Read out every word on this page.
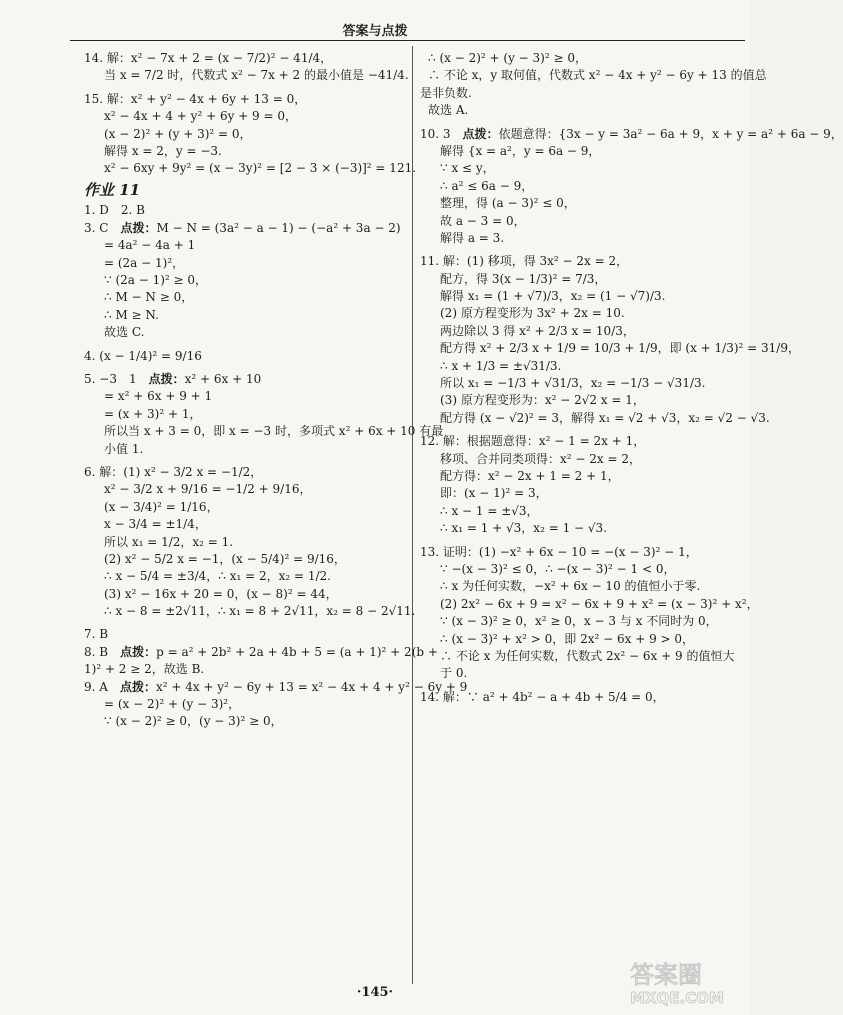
答案与点拨

14. 解：x² − 7x + 2 = (x − 7/2)² − 41/4，

当 x = 7/2 时，代数式 x² − 7x + 2 的最小值是 −41/4.

15. 解：x² + y² − 4x + 6y + 13 = 0，

x² − 4x + 4 + y² + 6y + 9 = 0，

(x − 2)² + (y + 3)² = 0，

解得 x = 2，y = −3.

x² − 6xy + 9y² = (x − 3y)² = [2 − 3 × (−3)]² = 121.

作业 11

1. D　2. B

3. C　点拨：M − N = (3a² − a − 1) − (−a² + 3a − 2)

= 4a² − 4a + 1

= (2a − 1)²，

∵ (2a − 1)² ≥ 0，

∴ M − N ≥ 0，

∴ M ≥ N.

故选 C.

4. (x − 1/4)² = 9/16

5. −3　1　点拨：x² + 6x + 10

= x² + 6x + 9 + 1

= (x + 3)² + 1，

所以当 x + 3 = 0，即 x = −3 时，多项式 x² + 6x + 10 有最

小值 1.

6. 解：(1) x² − 3/2 x = −1/2，

x² − 3/2 x + 9/16 = −1/2 + 9/16，

(x − 3/4)² = 1/16，

x − 3/4 = ±1/4，

所以 x₁ = 1/2，x₂ = 1.

(2) x² − 5/2 x = −1，(x − 5/4)² = 9/16，

∴ x − 5/4 = ±3/4，∴ x₁ = 2，x₂ = 1/2.

(3) x² − 16x + 20 = 0，(x − 8)² = 44，

∴ x − 8 = ±2√11，∴ x₁ = 8 + 2√11，x₂ = 8 − 2√11.

7. B

8. B　点拨：p = a² + 2b² + 2a + 4b + 5 = (a + 1)² + 2(b +

1)² + 2 ≥ 2，故选 B.

9. A　点拨：x² + 4x + y² − 6y + 13 = x² − 4x + 4 + y² − 6y + 9

= (x − 2)² + (y − 3)²，

∵ (x − 2)² ≥ 0，(y − 3)² ≥ 0，

∴ (x − 2)² + (y − 3)² ≥ 0，

∴ 不论 x，y 取何值，代数式 x² − 4x + y² − 6y + 13 的值总

是非负数.

故选 A.

10. 3　点拨：依题意得：{3x − y = 3a² − 6a + 9，x + y = a² + 6a − 9，

解得 {x = a²，y = 6a − 9，

∵ x ≤ y，

∴ a² ≤ 6a − 9，

整理，得 (a − 3)² ≤ 0，

故 a − 3 = 0，

解得 a = 3.

11. 解：(1) 移项，得 3x² − 2x = 2，

配方，得 3(x − 1/3)² = 7/3，

解得 x₁ = (1 + √7)/3，x₂ = (1 − √7)/3.

(2) 原方程变形为 3x² + 2x = 10.

两边除以 3 得 x² + 2/3 x = 10/3，

配方得 x² + 2/3 x + 1/9 = 10/3 + 1/9，即 (x + 1/3)² = 31/9，

∴ x + 1/3 = ±√31/3.

所以 x₁ = −1/3 + √31/3，x₂ = −1/3 − √31/3.

(3) 原方程变形为：x² − 2√2 x = 1，

配方得 (x − √2)² = 3，解得 x₁ = √2 + √3，x₂ = √2 − √3.

12. 解：根据题意得：x² − 1 = 2x + 1，

移项、合并同类项得：x² − 2x = 2，

配方得：x² − 2x + 1 = 2 + 1，

即：(x − 1)² = 3，

∴ x − 1 = ±√3，

∴ x₁ = 1 + √3，x₂ = 1 − √3.

13. 证明：(1) −x² + 6x − 10 = −(x − 3)² − 1，

∵ −(x − 3)² ≤ 0，∴ −(x − 3)² − 1 < 0，

∴ x 为任何实数，−x² + 6x − 10 的值恒小于零.

(2) 2x² − 6x + 9 = x² − 6x + 9 + x² = (x − 3)² + x²，

∵ (x − 3)² ≥ 0，x² ≥ 0，x − 3 与 x 不同时为 0，

∴ (x − 3)² + x² > 0，即 2x² − 6x + 9 > 0，

∴ 不论 x 为任何实数，代数式 2x² − 6x + 9 的值恒大

于 0.

14. 解：∵ a² + 4b² − a + 4b + 5/4 = 0，

·145·
答案圈
MXQE.COM
